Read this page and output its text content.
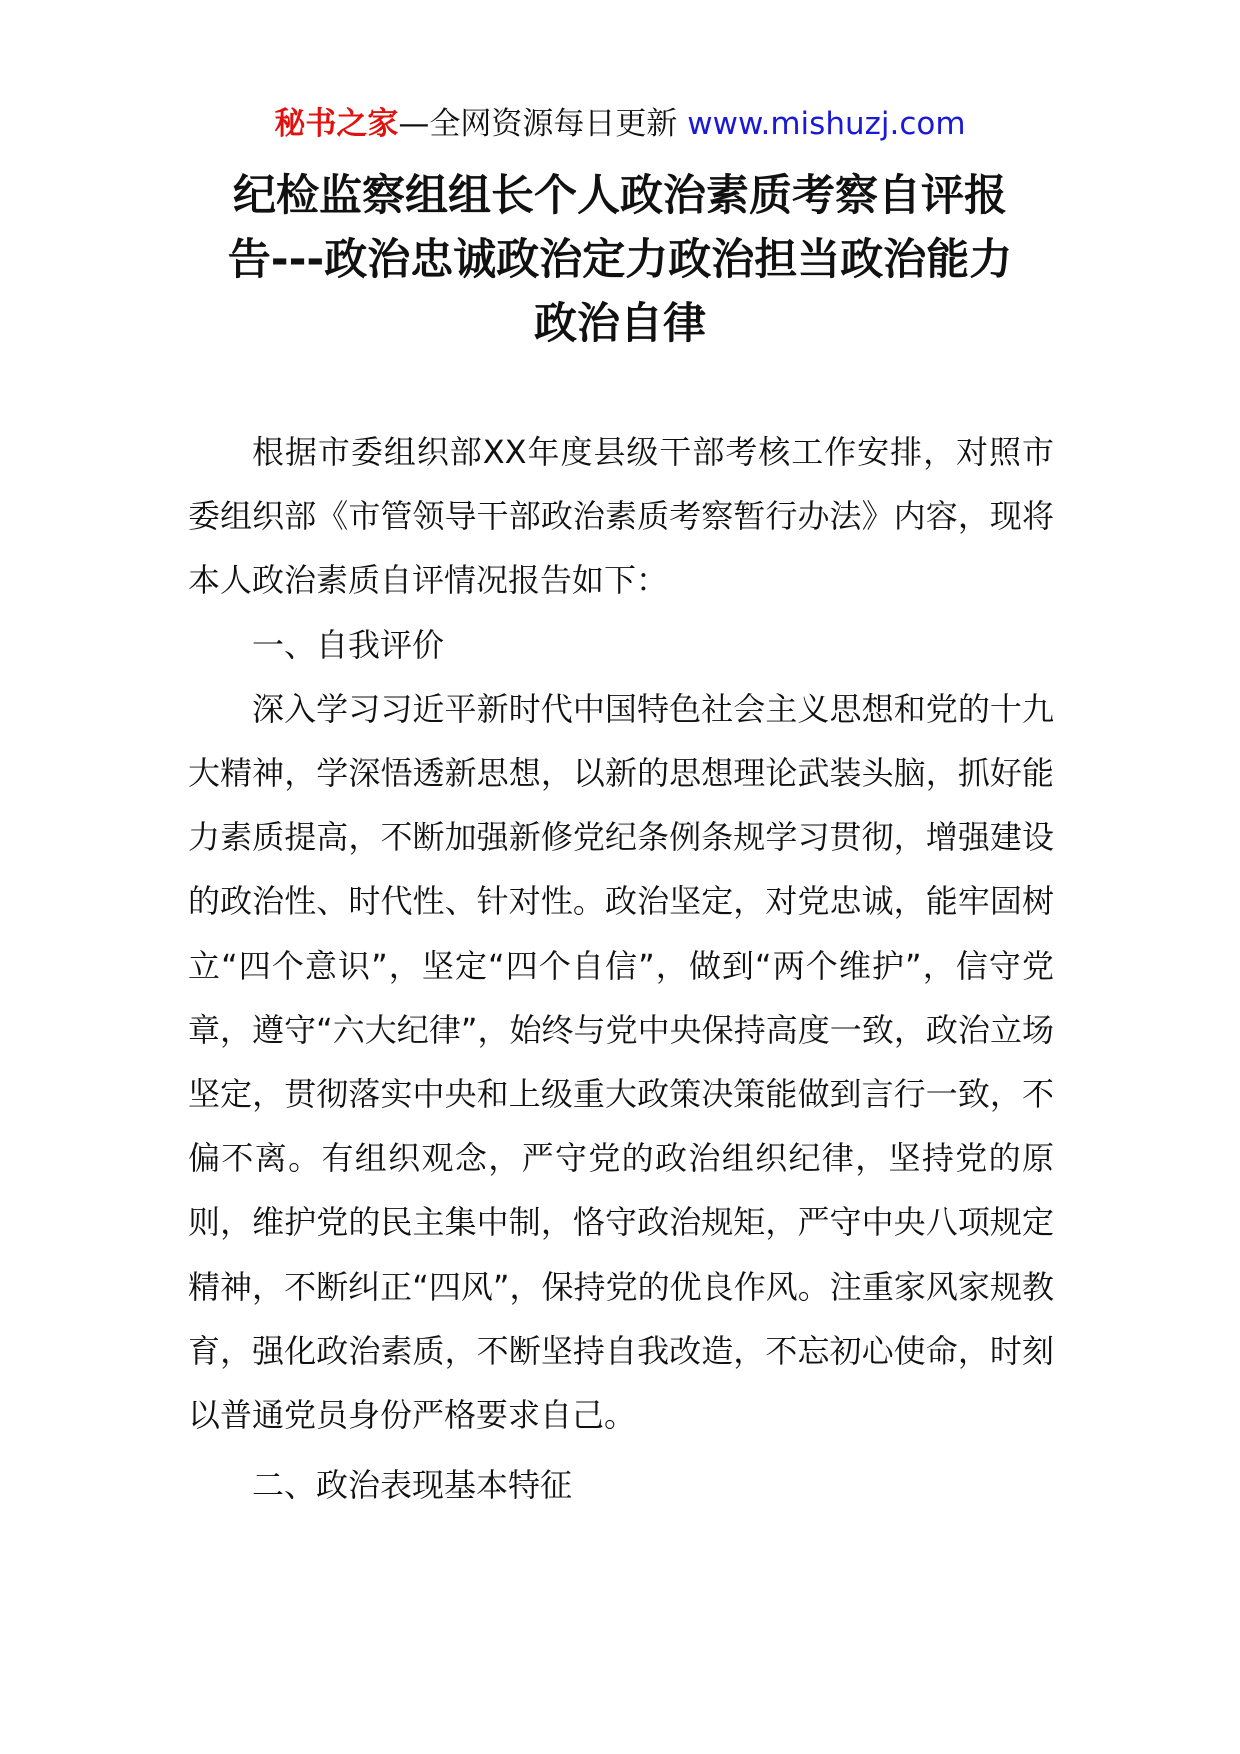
秘书之家—全网资源每日更新 www.mishuzj.com
纪检监察组组长个人政治素质考察自评报
告---政治忠诚政治定力政治担当政治能力
政治自律

根据市委组织部XX年度县级干部考核工作安排，对照市委组织部《市管领导干部政治素质考察暂行办法》内容，现将本人政治素质自评情况报告如下：

一、自我评价

深入学习习近平新时代中国特色社会主义思想和党的十九大精神，学深悟透新思想，以新的思想理论武装头脑，抓好能力素质提高，不断加强新修党纪条例条规学习贯彻，增强建设的政治性、时代性、针对性。政治坚定，对党忠诚，能牢固树立“四个意识”，坚定“四个自信”，做到“两个维护”，信守党章，遵守“六大纪律”，始终与党中央保持高度一致，政治立场坚定，贯彻落实中央和上级重大政策决策能做到言行一致，不偏不离。有组织观念，严守党的政治组织纪律，坚持党的原则，维护党的民主集中制，恪守政治规矩，严守中央八项规定精神，不断纠正“四风”，保持党的优良作风。注重家风家规教育，强化政治素质，不断坚持自我改造，不忘初心使命，时刻以普通党员身份严格要求自己。

二、政治表现基本特征
